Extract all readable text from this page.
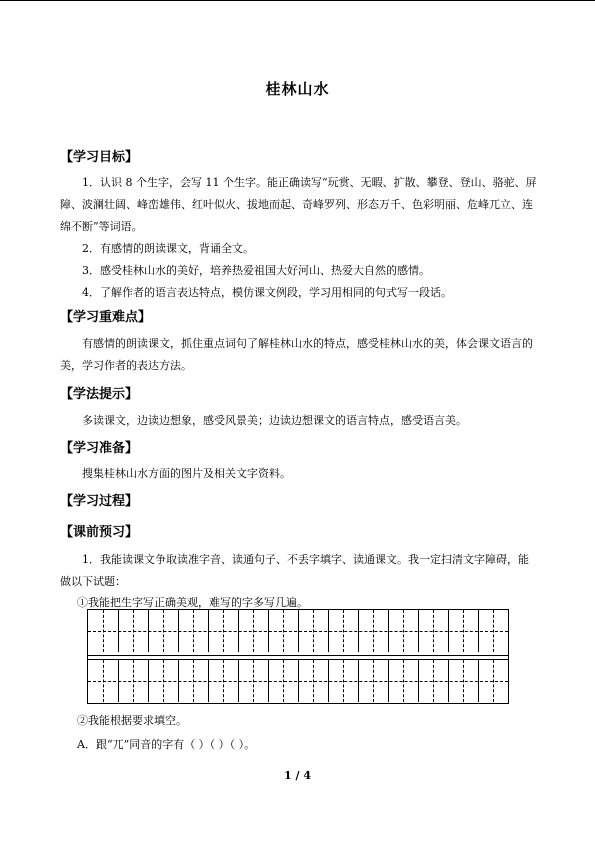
桂林山水
【学习目标】
1．认识 8 个生字，会写 11 个生字。能正确读写“玩赏、无暇、扩散、攀登、登山、骆驼、屏障、波澜壮阔、峰峦雄伟、红叶似火、拔地而起、奇峰罗列、形态万千、色彩明丽、危峰兀立、连绵不断”等词语。
2．有感情的朗读课文，背诵全文。
3．感受桂林山水的美好，培养热爱祖国大好河山、热爱大自然的感情。
4．了解作者的语言表达特点，模仿课文例段，学习用相同的句式写一段话。
【学习重难点】
有感情的朗读课文，抓住重点词句了解桂林山水的特点，感受桂林山水的美，体会课文语言的美，学习作者的表达方法。
【学法提示】
多读课文，边读边想象，感受风景美；边读边想课文的语言特点，感受语言美。
【学习准备】
搜集桂林山水方面的图片及相关文字资料。
【学习过程】
【课前预习】
1．我能读课文争取读准字音、读通句子、不丢字填字、读通课文。我一定扫清文字障碍，能做以下试题：
①我能把生字写正确美观，难写的字多写几遍。
②我能根据要求填空。
A．跟“兀”同音的字有（ ）（ ）（ ）。
1 / 4
